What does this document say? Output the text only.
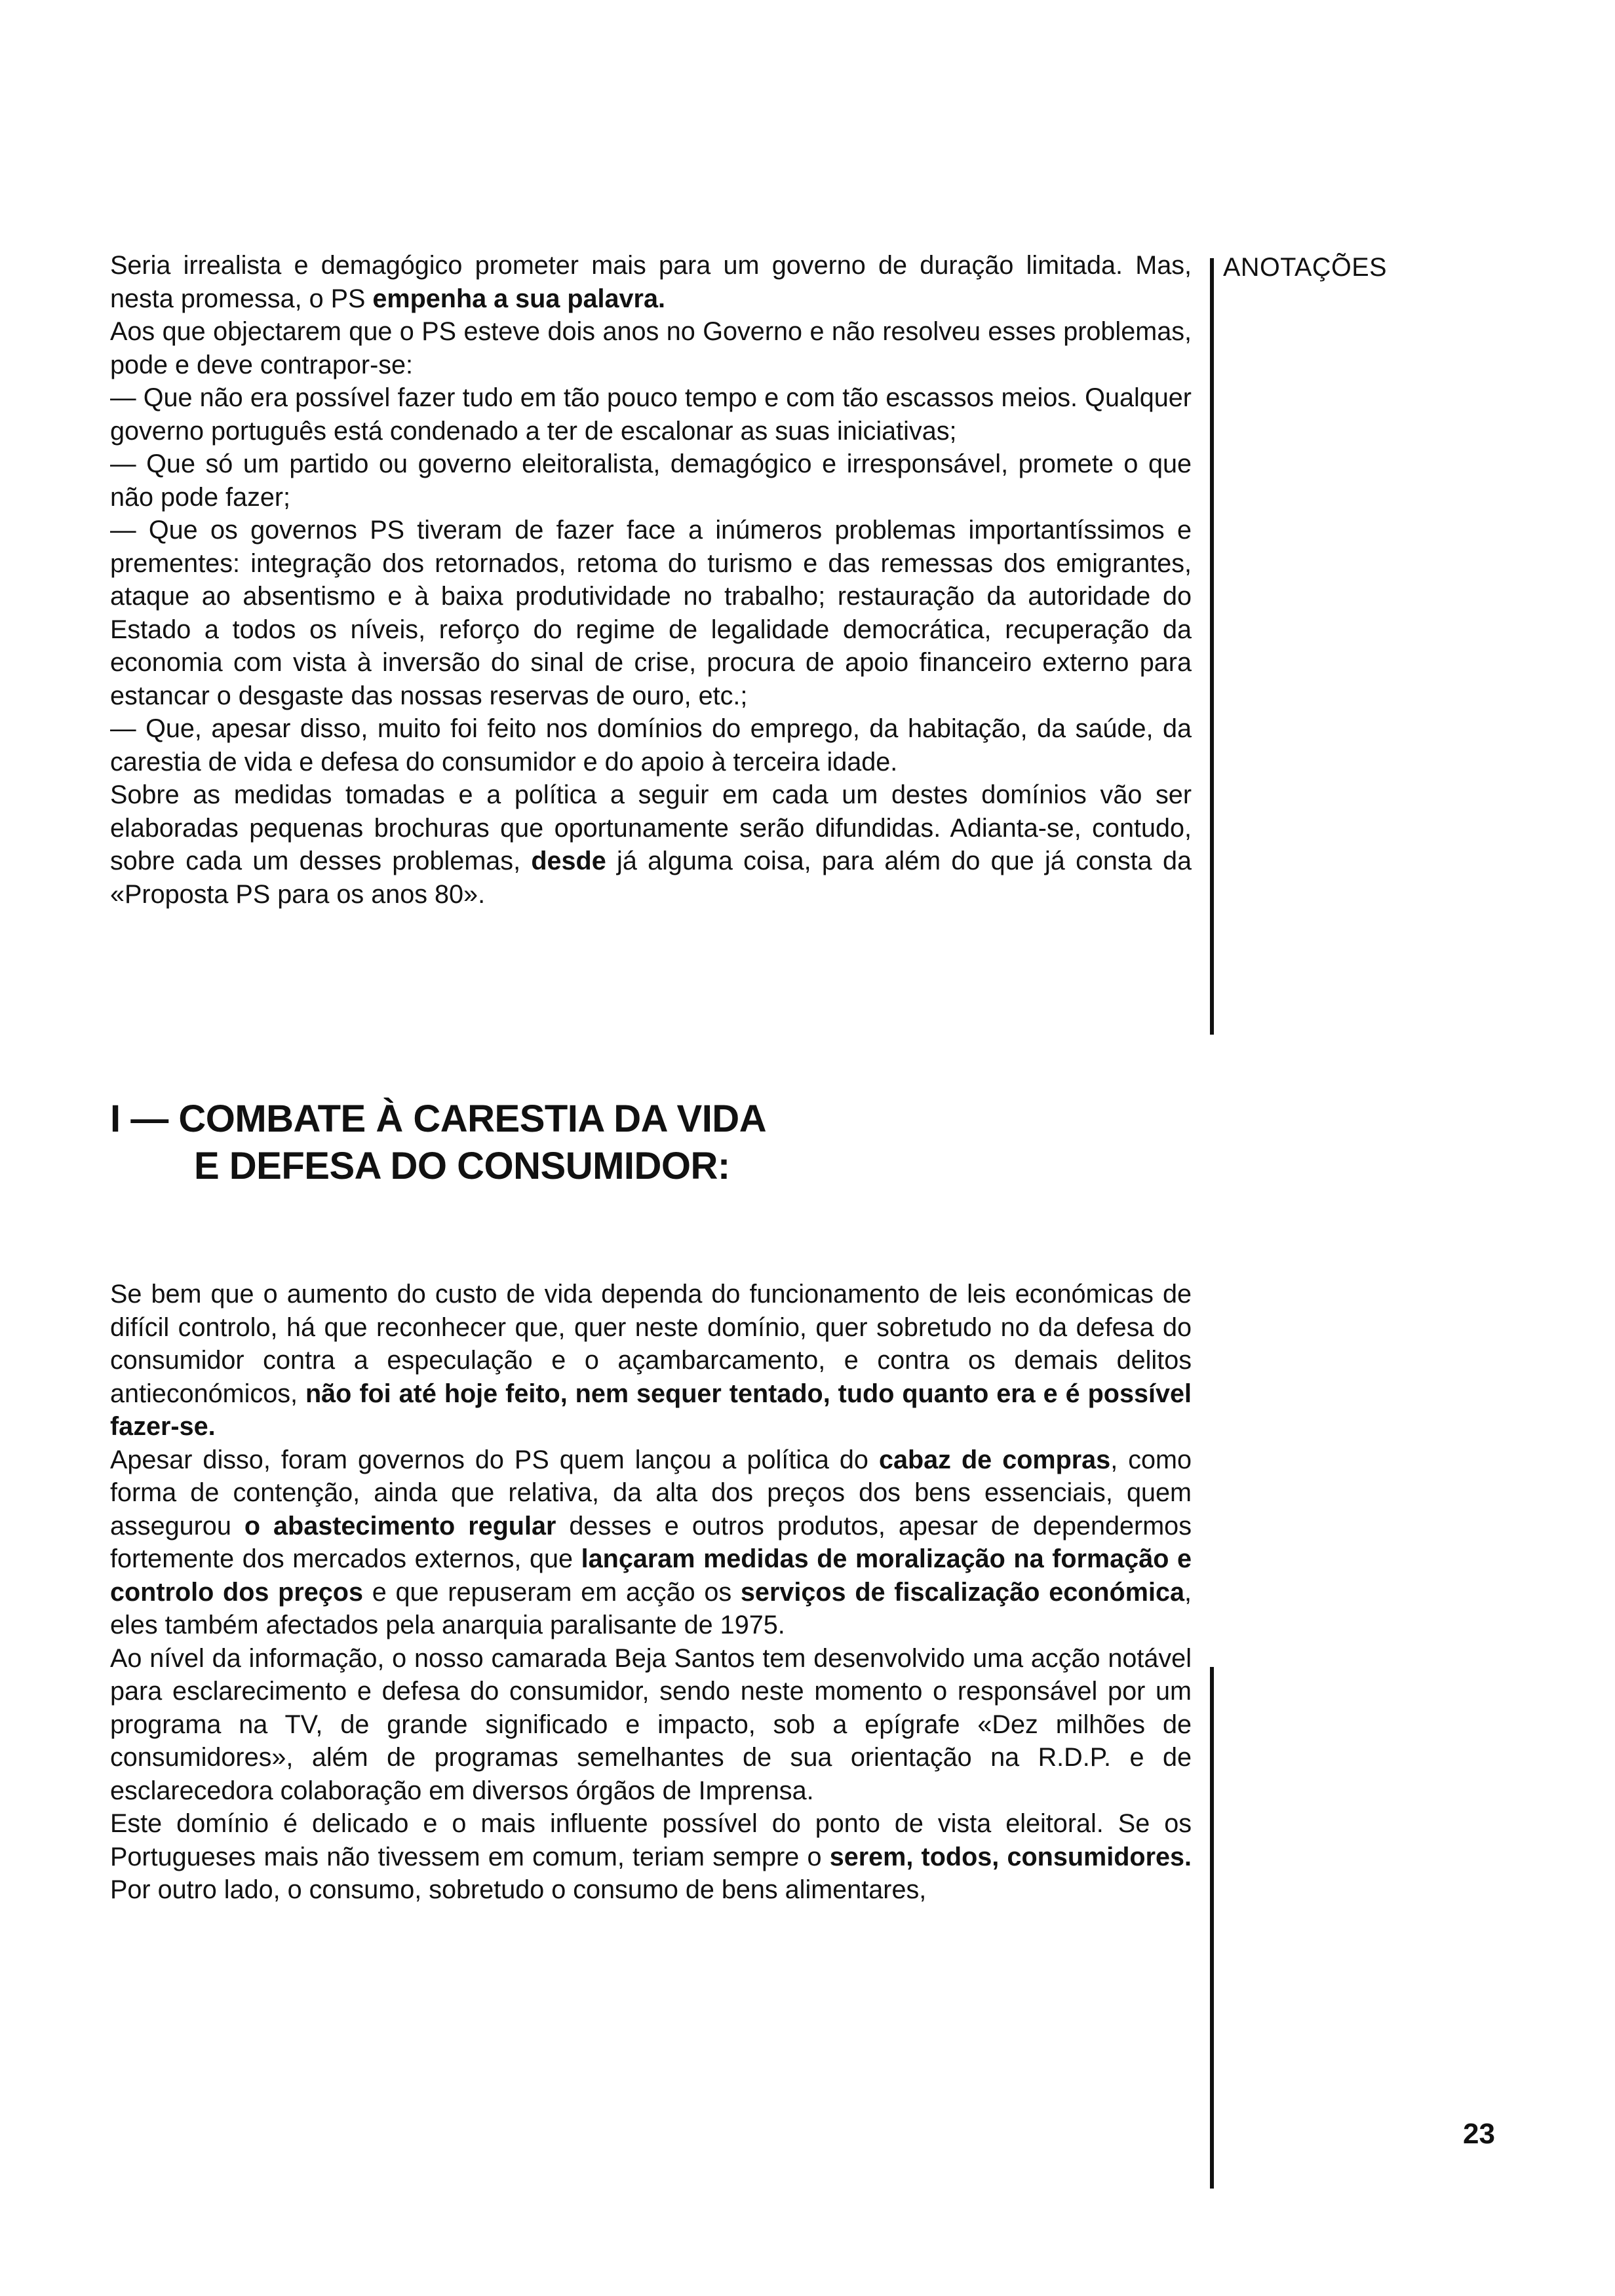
Seria irrealista e demagógico prometer mais para um governo de duração limitada. Mas, nesta promessa, o PS empenha a sua palavra.

Aos que objectarem que o PS esteve dois anos no Governo e não resolveu esses problemas, pode e deve contrapor-se:

— Que não era possível fazer tudo em tão pouco tempo e com tão escassos meios. Qualquer governo português está condenado a ter de escalonar as suas iniciativas;

— Que só um partido ou governo eleitoralista, demagógico e irresponsável, promete o que não pode fazer;

— Que os governos PS tiveram de fazer face a inúmeros problemas importantíssimos e prementes: integração dos retornados, retoma do turismo e das remessas dos emigrantes, ataque ao absentismo e à baixa produtividade no trabalho; restauração da autoridade do Estado a todos os níveis, reforço do regime de legalidade democrática, recuperação da economia com vista à inversão do sinal de crise, procura de apoio financeiro externo para estancar o desgaste das nossas reservas de ouro, etc.;

— Que, apesar disso, muito foi feito nos domínios do emprego, da habitação, da saúde, da carestia de vida e defesa do consumidor e do apoio à terceira idade.

Sobre as medidas tomadas e a política a seguir em cada um destes domínios vão ser elaboradas pequenas brochuras que oportunamente serão difundidas. Adianta-se, contudo, sobre cada um desses problemas, desde já alguma coisa, para além do que já consta da «Proposta PS para os anos 80».

I — COMBATE À CARESTIA DA VIDA
E DEFESA DO CONSUMIDOR:

Se bem que o aumento do custo de vida dependa do funcionamento de leis económicas de difícil controlo, há que reconhecer que, quer neste domínio, quer sobretudo no da defesa do consumidor contra a especulação e o açambarcamento, e contra os demais delitos antieconómicos, não foi até hoje feito, nem sequer tentado, tudo quanto era e é possível fazer-se.

Apesar disso, foram governos do PS quem lançou a política do cabaz de compras, como forma de contenção, ainda que relativa, da alta dos preços dos bens essenciais, quem assegurou o abastecimento regular desses e outros produtos, apesar de dependermos fortemente dos mercados externos, que lançaram medidas de moralização na formação e controlo dos preços e que repuseram em acção os serviços de fiscalização económica, eles também afectados pela anarquia paralisante de 1975.

Ao nível da informação, o nosso camarada Beja Santos tem desenvolvido uma acção notável para esclarecimento e defesa do consumidor, sendo neste momento o responsável por um programa na TV, de grande significado e impacto, sob a epígrafe «Dez milhões de consumidores», além de programas semelhantes de sua orientação na R.D.P. e de esclarecedora colaboração em diversos órgãos de Imprensa.

Este domínio é delicado e o mais influente possível do ponto de vista eleitoral. Se os Portugueses mais não tivessem em comum, teriam sempre o serem, todos, consumidores. Por outro lado, o consumo, sobretudo o consumo de bens alimentares,

ANOTAÇÕES
23
